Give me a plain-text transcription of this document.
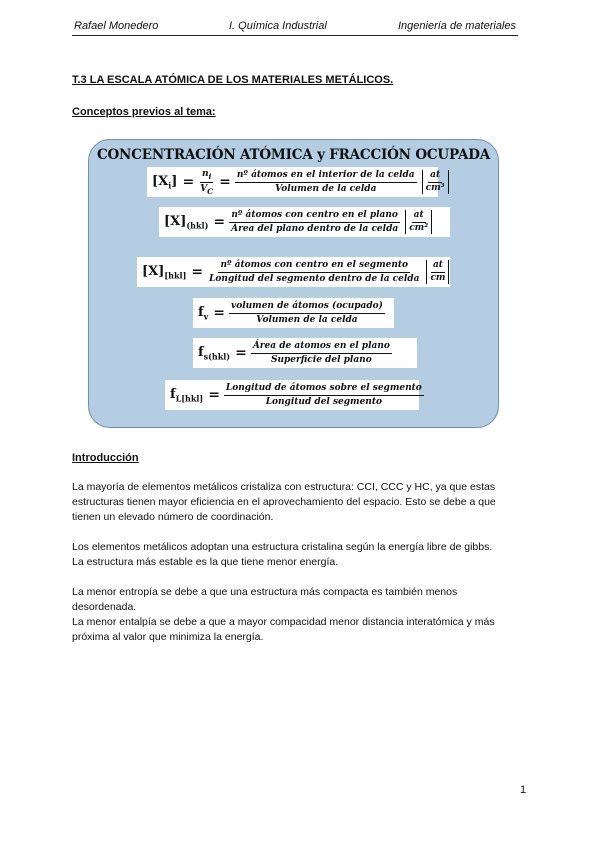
Rafael Monedero	I. Química Industrial	Ingeniería de materiales
T.3 LA ESCALA ATÓMICA DE LOS MATERIALES METÁLICOS.
Conceptos previos al tema:
CONCENTRACIÓN ATÓMICA y FRACCIÓN OCUPADA
$[X_i] = \frac{n_i}{V_C} = \frac{\text{nº átomos en el interior de la celda}}{\text{Volumen de la celda}} \frac{at}{\text{cm³}}$
$[X]_{(hkl)} = \frac{\text{nº átomos con centro en el plano}}{\text{Área del plano dentro de la celda}} \frac{at}{\text{cm²}}$
$[X]_{[hkl]} = \frac{\text{nº átomos con centro en el segmento}}{\text{Longitud del segmento dentro de la celda}} \frac{at}{cm}$
$f_v = \frac{\text{volumen de átomos (ocupado)}}{\text{Volumen de la celda}}$
$f_{s(hkl)} = \frac{\text{Área de atomos en el plano}}{\text{Superficie del plano}}$
$f_{L[hkl]} = \frac{\text{Longitud de átomos sobre el segmento}}{\text{Longitud del segmento}}$
Introducción
La mayoría de elementos metálicos cristaliza con estructura: CCI, CCC y HC, ya que estas estructuras tienen mayor eficiencia en el aprovechamiento del espacio. Esto se debe a que tienen un elevado número de coordinación.
Los elementos metálicos adoptan una estructura cristalina según la energía libre de gibbs.
La estructura más estable es la que tiene menor energía.
La menor entropía se debe a que una estructura más compacta es también menos desordenada.
La menor entalpía se debe a que a mayor compacidad menor distancia interatómica y más próxima al valor que minimiza la energía.
1
